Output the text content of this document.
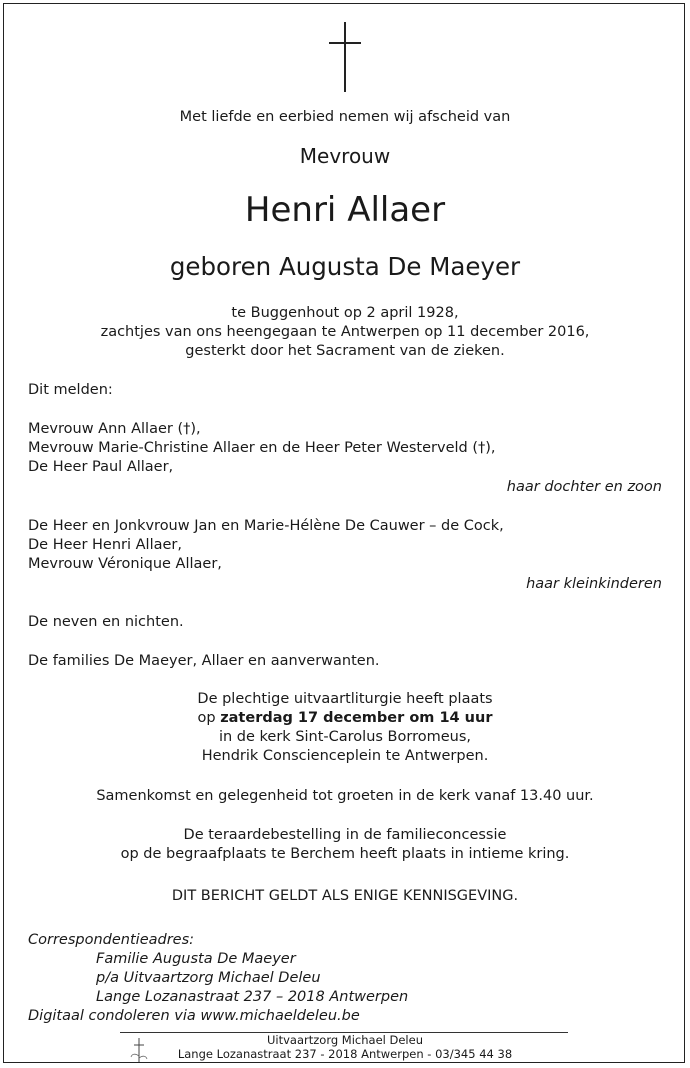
Met liefde en eerbied nemen wij afscheid van
Mevrouw
Henri Allaer
geboren Augusta De Maeyer
te Buggenhout op 2 april 1928,
zachtjes van ons heengegaan te Antwerpen op 11 december 2016,
gesterkt door het Sacrament van de zieken.
Dit melden:
Mevrouw Ann Allaer (†),
Mevrouw Marie-Christine Allaer en de Heer Peter Westerveld (†),
De Heer Paul Allaer,
haar dochter en zoon
De Heer en Jonkvrouw Jan en Marie-Hélène De Cauwer – de Cock,
De Heer Henri Allaer,
Mevrouw Véronique Allaer,
haar kleinkinderen
De neven en nichten.
De families De Maeyer, Allaer en aanverwanten.
De plechtige uitvaartliturgie heeft plaats
op zaterdag 17 december om 14 uur
in de kerk Sint-Carolus Borromeus,
Hendrik Conscienceplein te Antwerpen.
Samenkomst en gelegenheid tot groeten in de kerk vanaf 13.40 uur.
De teraardebestelling in de familieconcessie
op de begraafplaats te Berchem heeft plaats in intieme kring.
DIT BERICHT GELDT ALS ENIGE KENNISGEVING.
Correspondentieadres:
Familie Augusta De Maeyer
p/a Uitvaartzorg Michael Deleu
Lange Lozanastraat 237 – 2018 Antwerpen
Digitaal condoleren via www.michaeldeleu.be
Uitvaartzorg Michael Deleu
Lange Lozanastraat 237 - 2018 Antwerpen - 03/345 44 38
